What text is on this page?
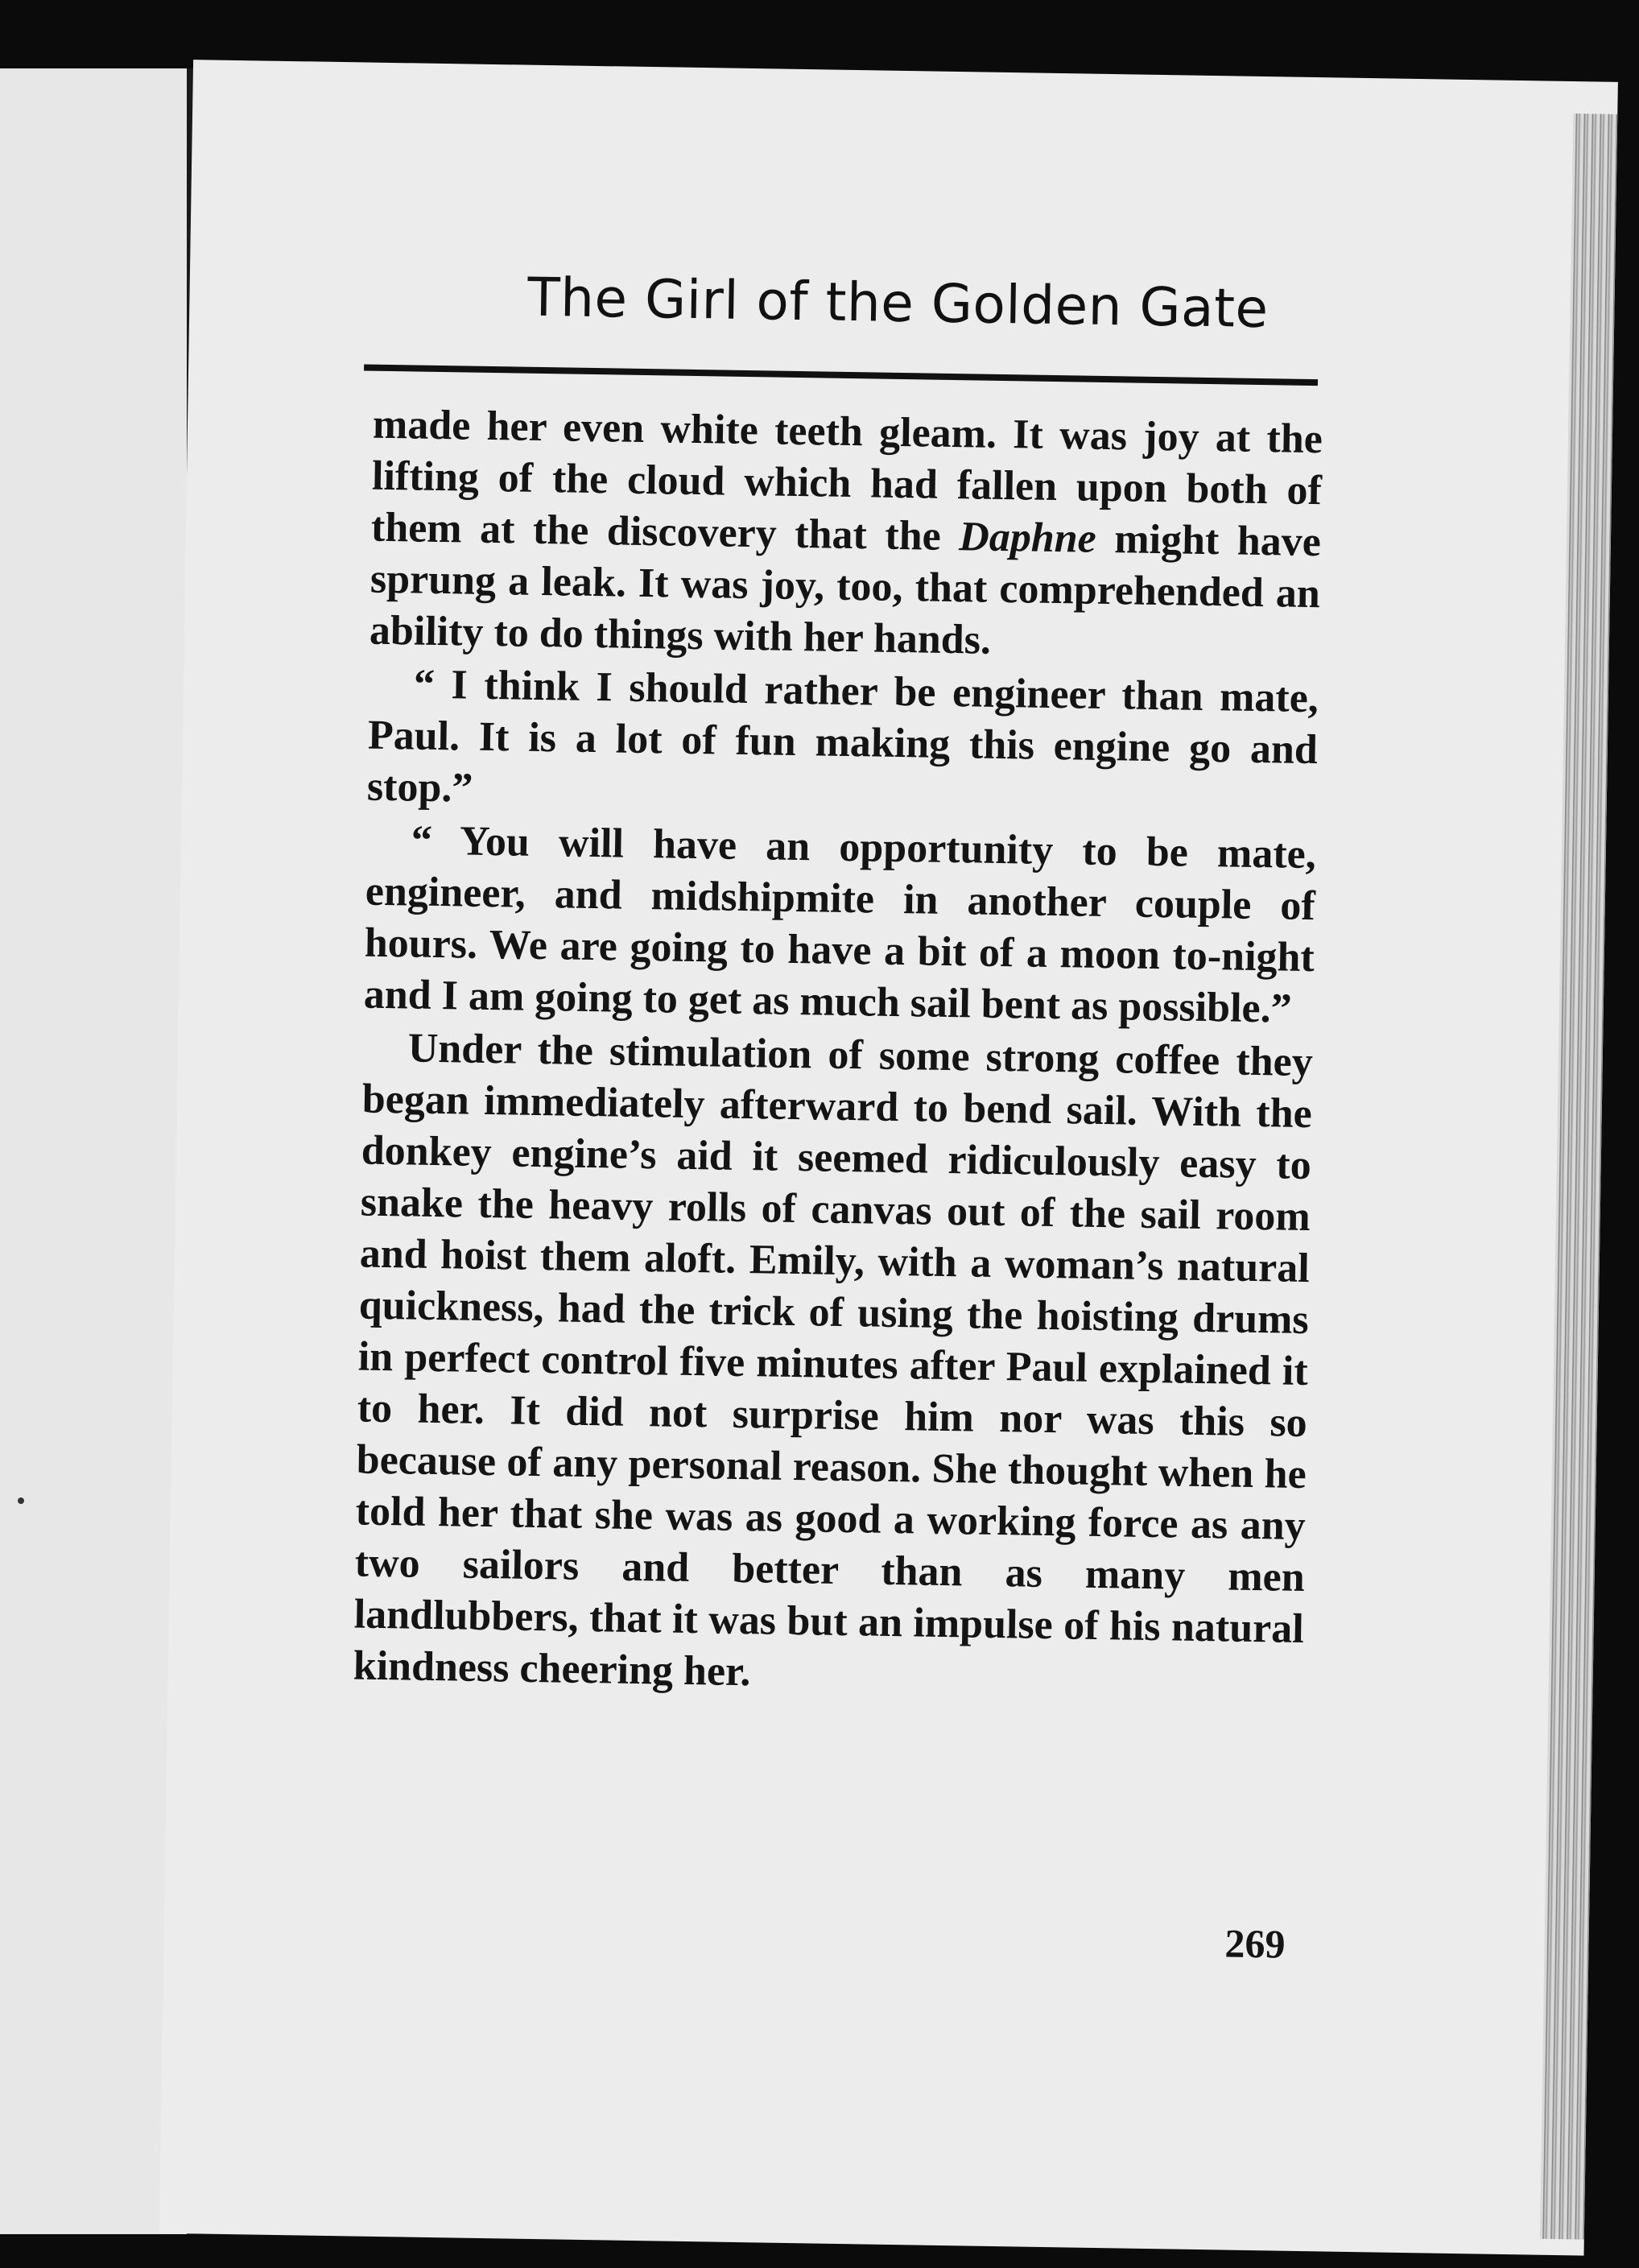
The Girl of the Golden Gate

made her even white teeth gleam. It was joy at the lifting of the cloud which had fallen upon both of them at the discovery that the Daphne might have sprung a leak. It was joy, too, that comprehended an ability to do things with her hands.

“ I think I should rather be engineer than mate, Paul. It is a lot of fun making this engine go and stop.”

“ You will have an opportunity to be mate, engineer, and midshipmite in another couple of hours. We are going to have a bit of a moon to-night and I am going to get as much sail bent as possible.”

Under the stimulation of some strong coffee they began immediately afterward to bend sail. With the donkey engine’s aid it seemed ridiculously easy to snake the heavy rolls of canvas out of the sail room and hoist them aloft. Emily, with a woman’s natural quickness, had the trick of using the hoisting drums in perfect control five minutes after Paul explained it to her. It did not surprise him nor was this so because of any personal reason. She thought when he told her that she was as good a working force as any two sailors and better than as many men landlubbers, that it was but an impulse of his natural kindness cheering her.

269
